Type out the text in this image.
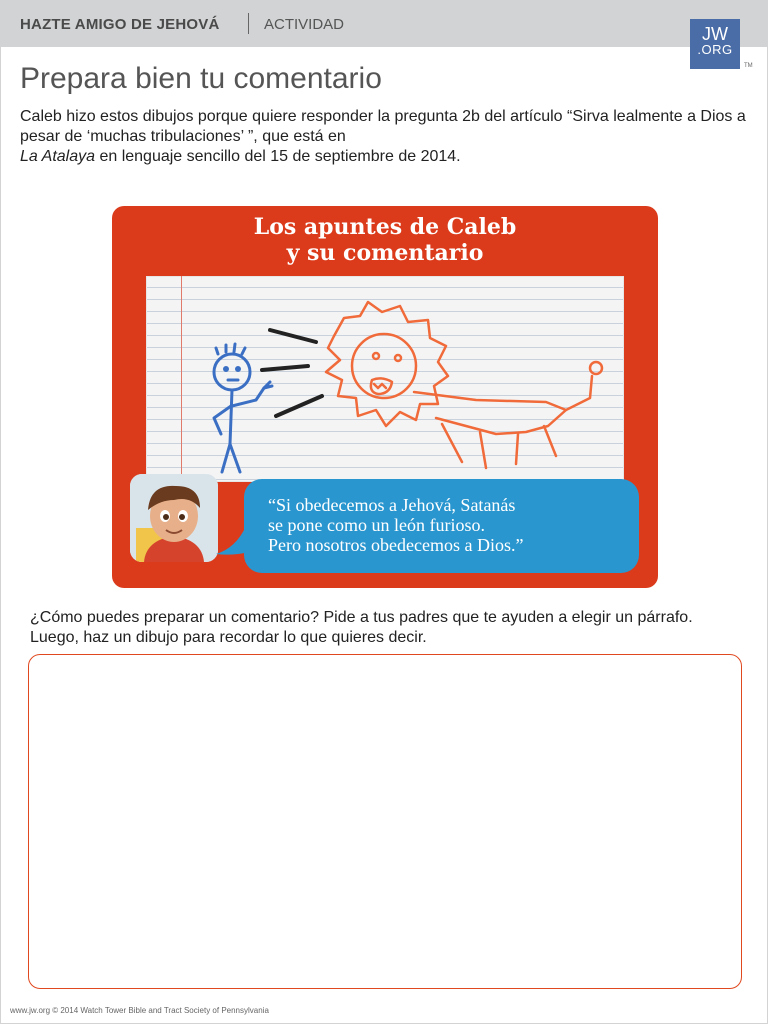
HAZTE AMIGO DE JEHOVÁ	ACTIVIDAD	JW
.ORG
TM
Prepara bien tu comentario

Caleb hizo estos dibujos porque quiere responder la pregunta 2b del artículo “Sirva lealmente a Dios a pesar de ‘muchas tribulaciones’ ”, que está en
La Atalaya en lenguaje sencillo del 15 de septiembre de 2014.

Los apuntes de Caleb
y su comentario

“Si obedecemos a Jehová, Satanás
se pone como un león furioso.
Pero nosotros obedecemos a Dios.”

¿Cómo puedes preparar un comentario? Pide a tus padres que te ayuden a elegir un párrafo. Luego, haz un dibujo para recordar lo que quieres decir.

www.jw.org © 2014 Watch Tower Bible and Tract Society of Pennsylvania
